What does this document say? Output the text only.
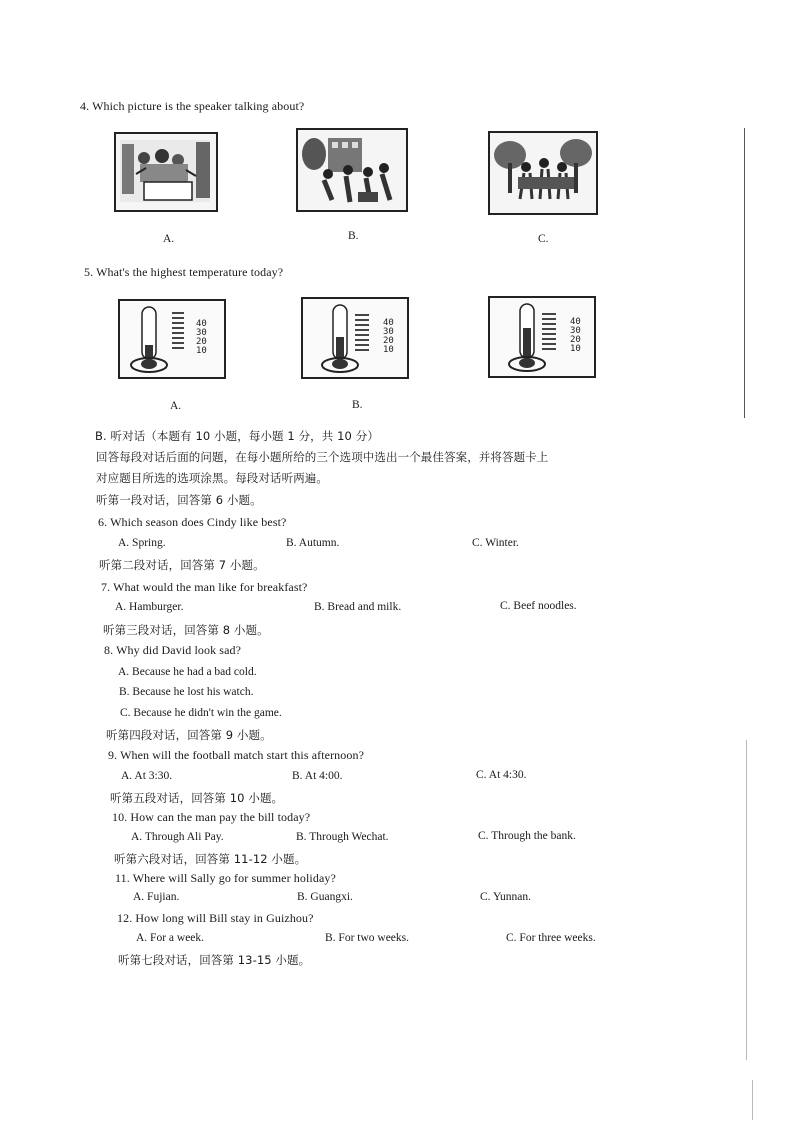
4. Which picture is the speaker talking about?
A.	B.	C.
5. What's the highest temperature today?
40
30
20
10
40
30
20
10
40
30
20
10
A.	B.
B. 听对话（本题有 10 小题，每小题 1 分，共 10 分）
回答每段对话后面的问题，在每小题所给的三个选项中选出一个最佳答案，并将答题卡上
对应题目所选的选项涂黑。每段对话听两遍。
听第一段对话，回答第 6 小题。
6. Which season does Cindy like best?
A. Spring.	B. Autumn.	C. Winter.
听第二段对话，回答第 7 小题。
7. What would the man like for breakfast?
A. Hamburger.	B. Bread and milk.	C. Beef noodles.
听第三段对话，回答第 8 小题。
8. Why did David look sad?
A. Because he had a bad cold.
B. Because he lost his watch.
C. Because he didn't win the game.
听第四段对话，回答第 9 小题。
9. When will the football match start this afternoon?
A. At 3:30.	B. At 4:00.	C. At 4:30.
听第五段对话，回答第 10 小题。
10. How can the man pay the bill today?
A. Through Ali Pay.	B. Through Wechat.	C. Through the bank.
听第六段对话，回答第 11-12 小题。
11. Where will Sally go for summer holiday?
A. Fujian.	B. Guangxi.	C. Yunnan.
12. How long will Bill stay in Guizhou?
A. For a week.	B. For two weeks.	C. For three weeks.
听第七段对话，回答第 13-15 小题。
